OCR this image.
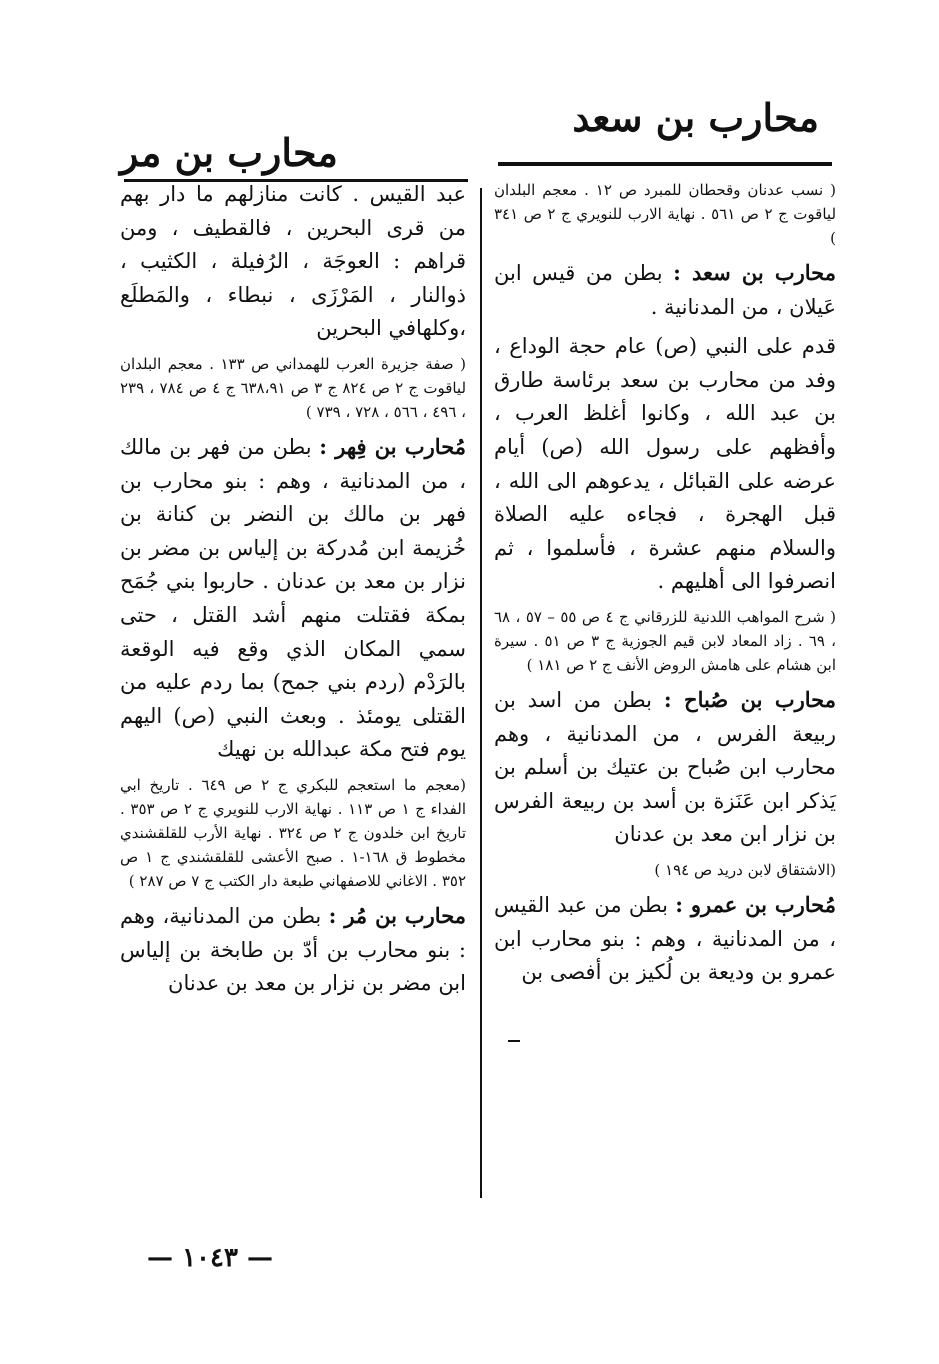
محارب بن سعد
محارب بن مر

( نسب عدنان وقحطان للمبرد ص ١٢ . معجم البلدان لياقوت ج ٢ ص ٥٦١ . نهاية الارب للنويري ج ٢ ص ٣٤١ )

محارب بن سعد : بطن من قيس ابن عَيلان ، من المدنانية .

قدم على النبي (ص) عام حجة الوداع ، وفد من محارب بن سعد برئاسة طارق بن عبد الله ، وكانوا أغلظ العرب ، وأفظهم على رسول الله (ص) أيام عرضه على القبائل ، يدعوهم الى الله ، قبل الهجرة ، فجاءه عليه الصلاة والسلام منهم عشرة ، فأسلموا ، ثم انصرفوا الى أهليهم .

( شرح المواهب اللدنية للزرقاني ج ٤ ص ٥٥ – ٥٧ ، ٦٨ ، ٦٩ . زاد المعاد لابن قيم الجوزية ج ٣ ص ٥١ . سيرة ابن هشام على هامش الروض الأنف ج ٢ ص ١٨١ )

محارب بن صُباح : بطن من اسد بن ربيعة الفرس ، من المدنانية ، وهم محارب ابن صُباح بن عتيك بن أسلم بن يَذكر ابن عَنَزة بن أسد بن ربيعة الفرس بن نزار ابن معد بن عدنان

(الاشتقاق لابن دريد ص ١٩٤ )

مُحارب بن عمرو : بطن من عبد القيس ، من المدنانية ، وهم : بنو محارب ابن عمرو بن وديعة بن لُكيز بن أفصى بن

عبد القيس . كانت منازلهم ما دار بهم من قرى البحرين ، فالقطيف ، ومن قراهم : العوجَة ، الرُفيلة ، الكثيب ، ذوالنار ، المَرْزَى ، نبطاء ، والمَطلَع ،وكلهافي البحرين

( صفة جزيرة العرب للهمداني ص ١٣٣ . معجم البلدان لياقوت ج ٢ ص ٨٢٤ ج ٣ ص ٦٣٨،٩١ ج ٤ ص ٧٨٤ ، ٢٣٩ ، ٤٩٦ ، ٥٦٦ ، ٧٢٨ ، ٧٣٩ )

مُحارب بن فِهر : بطن من فهر بن مالك ، من المدنانية ، وهم : بنو محارب بن فهر بن مالك بن النضر بن كنانة بن خُزيمة ابن مُدركة بن إلياس بن مضر بن نزار بن معد بن عدنان . حاربوا بني جُمَح بمكة فقتلت منهم أشد القتل ، حتى سمي المكان الذي وقع فيه الوقعة بالرَدْم (ردم بني جمح) بما ردم عليه من القتلى يومئذ . وبعث النبي (ص) اليهم يوم فتح مكة عبدالله بن نهيك

(معجم ما استعجم للبكري ج ٢ ص ٦٤٩ . تاريخ ابي الفداء ج ١ ص ١١٣ . نهاية الارب للنويري ج ٢ ص ٣٥٣ . تاريخ ابن خلدون ج ٢ ص ٣٢٤ . نهاية الأرب للقلقشندي مخطوط ق ١٦٨-١ . صبح الأعشى للقلقشندي ج ١ ص ٣٥٢ . الاغاني للاصفهاني طبعة دار الكتب ج ٧ ص ٢٨٧ )

محارب بن مُر : بطن من المدنانية، وهم : بنو محارب بن أدّ بن طابخة بن إلياس ابن مضر بن نزار بن معد بن عدنان

— ١٠٤٣ —
